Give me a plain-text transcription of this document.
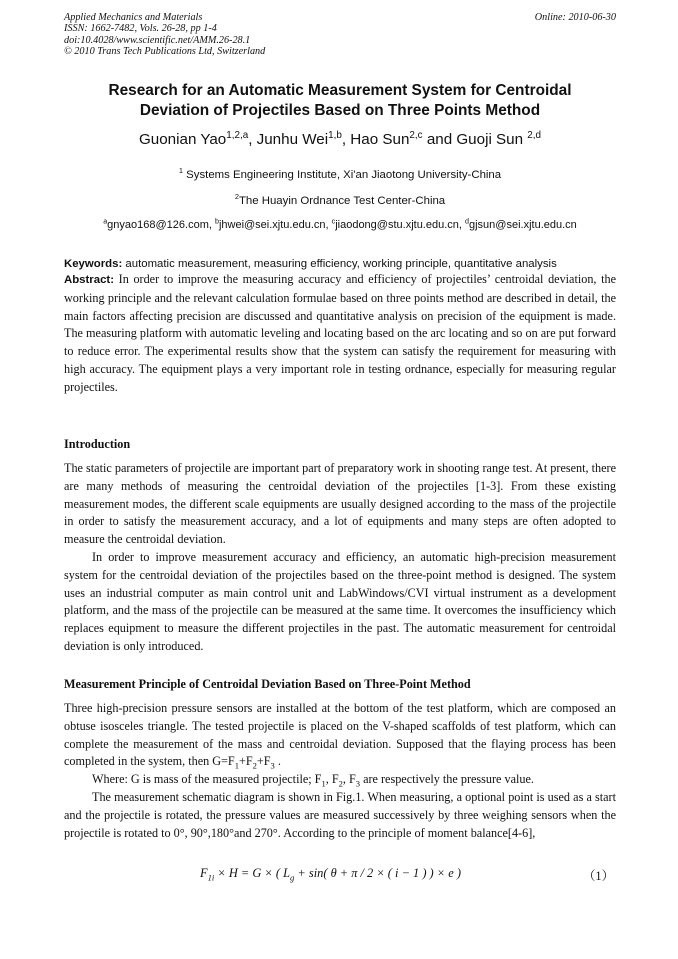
Applied Mechanics and Materials
ISSN: 1662-7482, Vols. 26-28, pp 1-4
doi:10.4028/www.scientific.net/AMM.26-28.1
© 2010 Trans Tech Publications Ltd, Switzerland
Online: 2010-06-30
Research for an Automatic Measurement System for Centroidal
Deviation of Projectiles Based on Three Points Method
Guonian Yao$^{1,2,a}$, Junhu Wei$^{1,b}$, Hao Sun$^{2,c}$ and Guoji Sun $^{2,d}$
$^1$ Systems Engineering Institute, Xi'an Jiaotong University-China
$^2$The Huayin Ordnance Test Center-China
$^a$gnyao168@126.com, $^b$jhwei@sei.xjtu.edu.cn, $^c$jiaodong@stu.xjtu.edu.cn, $^d$gjsun@sei.xjtu.edu.cn
Keywords: automatic measurement, measuring efficiency, working principle, quantitative analysis
Abstract: In order to improve the measuring accuracy and efficiency of projectiles’ centroidal deviation, the working principle and the relevant calculation formulae based on three points method are described in detail, the main factors affecting precision are discussed and quantitative analysis on precision of the equipment is made. The measuring platform with automatic leveling and locating based on the arc locating and so on are put forward to reduce error. The experimental results show that the system can satisfy the requirement for measuring with high accuracy. The equipment plays a very important role in testing ordnance, especially for measuring regular projectiles.
Introduction

The static parameters of projectile are important part of preparatory work in shooting range test. At present, there are many methods of measuring the centroidal deviation of the projectiles [1-3]. From these existing measurement modes, the different scale equipments are usually designed according to the mass of the projectile in order to satisfy the measurement accuracy, and a lot of equipments and many steps are often adopted to measure the centroidal deviation.

In order to improve measurement accuracy and efficiency, an automatic high-precision measurement system for the centroidal deviation of the projectiles based on the three-point method is designed. The system uses an industrial computer as main control unit and LabWindows/CVI virtual instrument as a development platform, and the mass of the projectile can be measured at the same time. It overcomes the insufficiency which replaces equipment to measure the different projectiles in the past. The automatic measurement for centroidal deviation is only introduced.

Measurement Principle of Centroidal Deviation Based on Three-Point Method

Three high-precision pressure sensors are installed at the bottom of the test platform, which are composed an obtuse isosceles triangle. The tested projectile is placed on the V-shaped scaffolds of test platform, which can complete the measurement of the mass and centroidal deviation. Supposed that the flaying process has been completed in the system, then $G=F_1+F_2+F_3$ .

Where: G is mass of the measured projectile; $F_1$, $F_2$, $F_3$ are respectively the pressure value.

The measurement schematic diagram is shown in Fig.1. When measuring, a optional point is used as a start and the projectile is rotated, the pressure values are measured successively by three weighing sensors when the projectile is rotated to 0°, 90°,180°and 270°. According to the principle of moment balance[4-6],

$F_{1i} \times H = G$ × ( $L_g + \sin$( θ + π / 2 × ( i − 1 ) ) × e )	（1）
